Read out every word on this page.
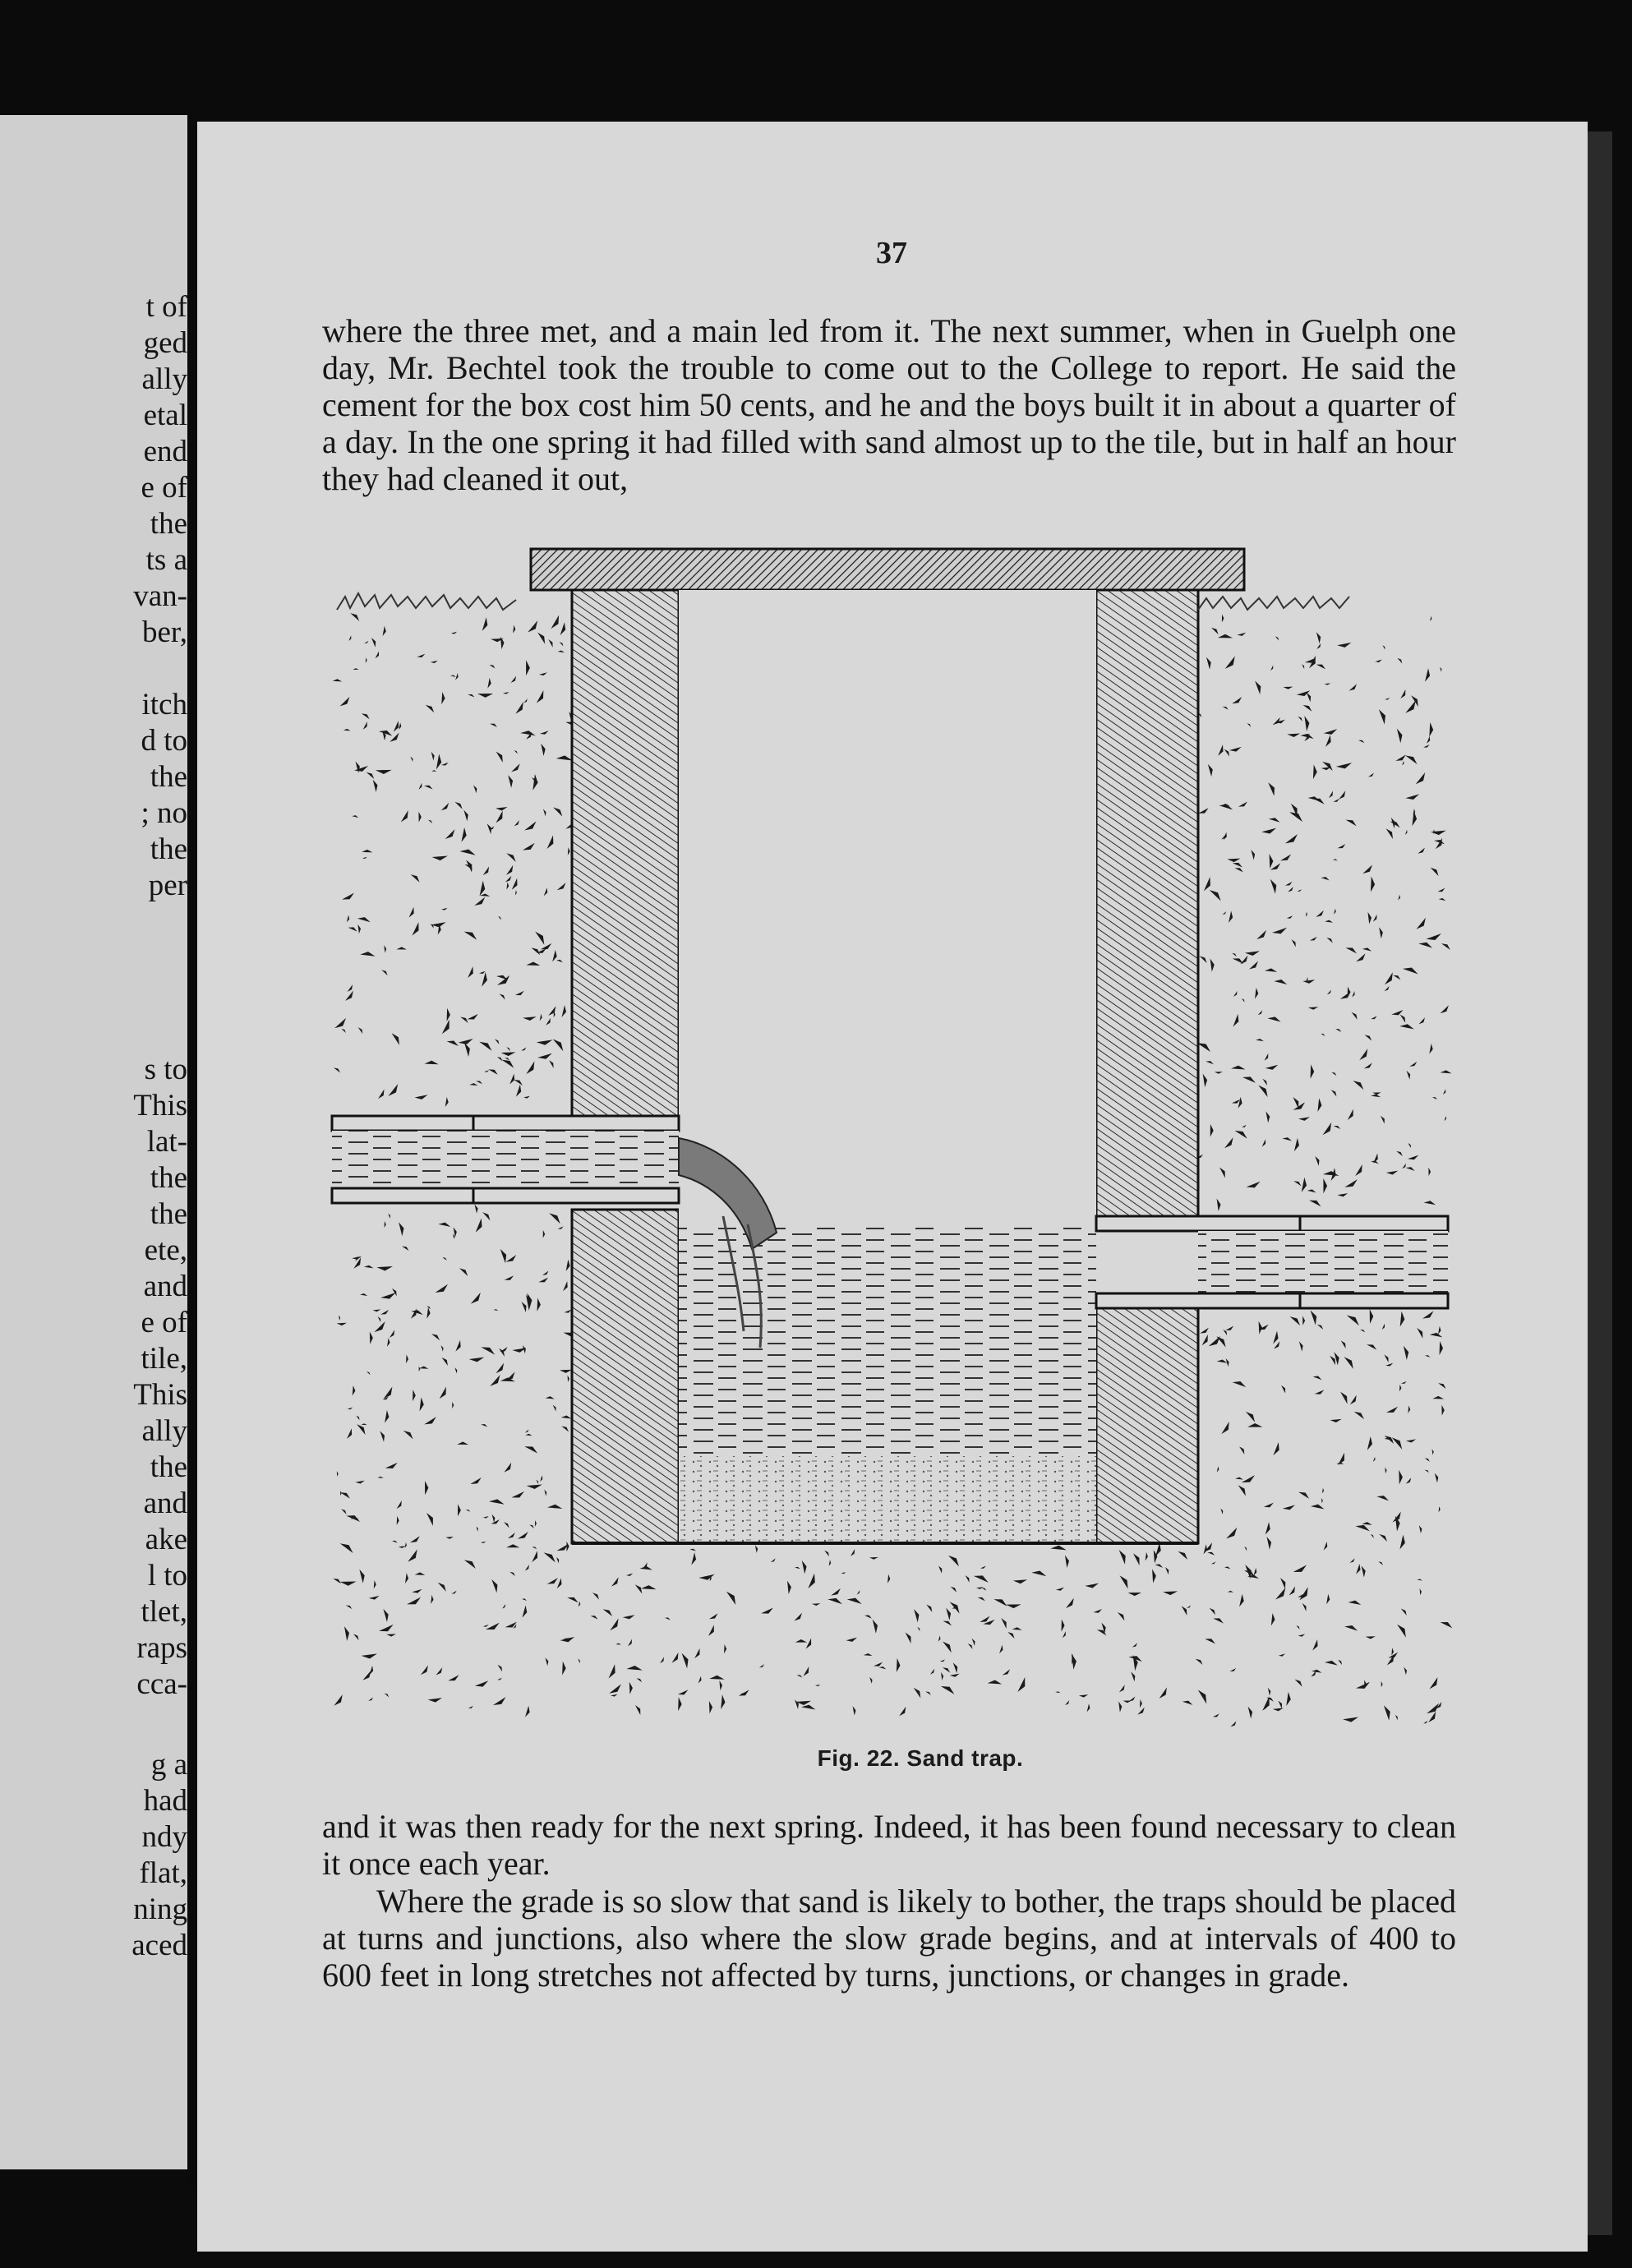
37
where the three met, and a main led from it. The next summer, when in Guelph one day, Mr. Bechtel took the trouble to come out to the College to report. He said the cement for the box cost him 50 cents, and he and the boys built it in about a quarter of a day. In the one spring it had filled with sand almost up to the tile, but in half an hour they had cleaned it out,
Fig. 22. Sand trap.
and it was then ready for the next spring. Indeed, it has been found necessary to clean it once each year.
Where the grade is so slow that sand is likely to bother, the traps should be placed at turns and junctions, also where the slow grade begins, and at intervals of 400 to 600 feet in long stretches not affected by turns, junctions, or changes in grade.
t of
ged
ally
etal
end
e of
the
ts a
van-
ber,
itch
d to
the
; no
the
per
s to
This
lat-
the
the
ete,
and
e of
tile,
This
ally
the
and
ake
l to
tlet,
raps
cca-
g a
had
ndy
flat,
ning
aced
